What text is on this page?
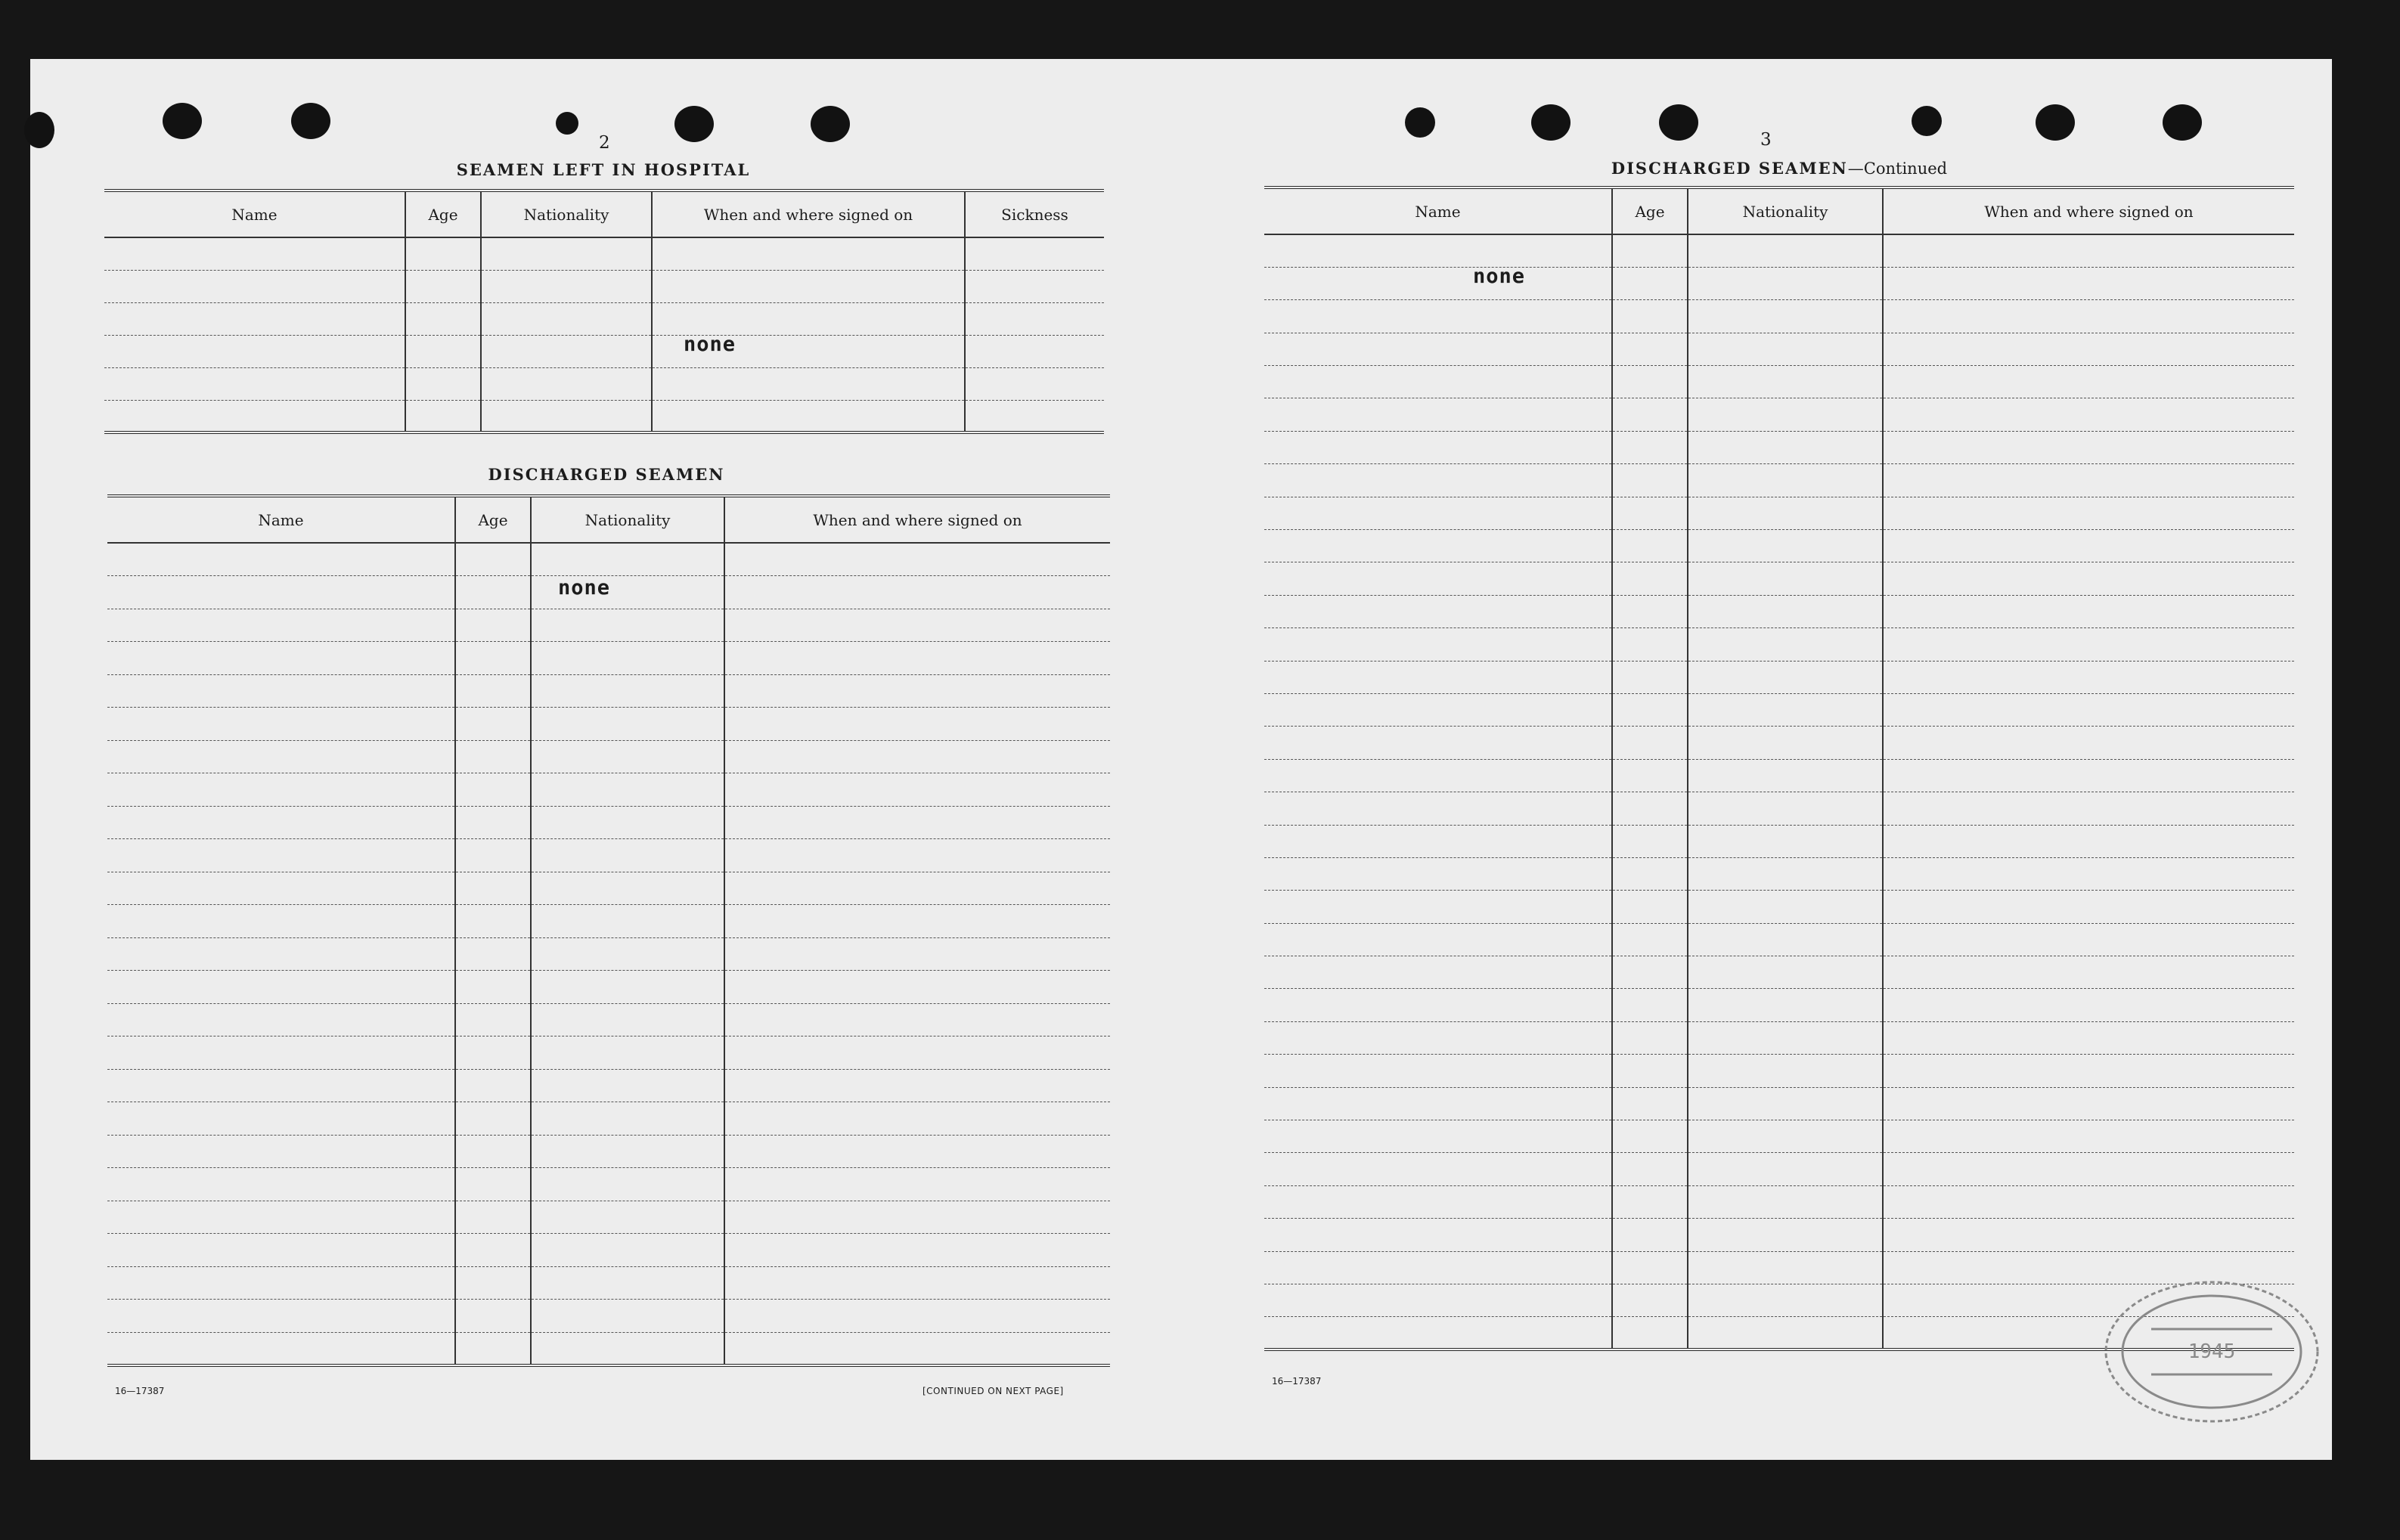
2
SEAMEN LEFT IN HOSPITAL
Name	Age	Nationality	When and where signed on	Sickness

none
DISCHARGED SEAMEN
Name	Age	Nationality	When and where signed on

none
16—17387	[CONTINUED ON NEXT PAGE]
3
DISCHARGED SEAMEN—Continued
Name	Age	Nationality	When and where signed on

none
16—17387
1945
